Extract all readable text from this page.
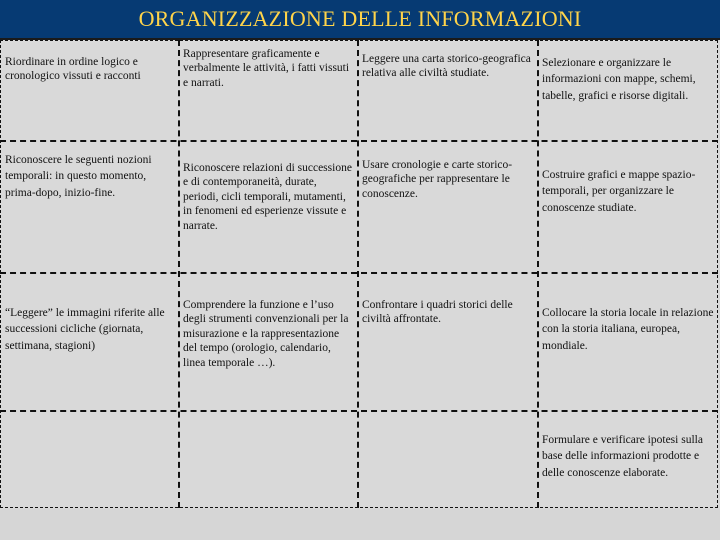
ORGANIZZAZIONE DELLE INFORMAZIONI
Riordinare in ordine logico e cronologico vissuti e racconti
Rappresentare graficamente e verbalmente le attività, i fatti vissuti e narrati.
Leggere una carta storico-geografica relativa alle civiltà studiate.
Selezionare e organizzare le informazioni con mappe, schemi, tabelle, grafici e risorse digitali.
Riconoscere le seguenti nozioni temporali: in questo momento, prima-dopo, inizio-fine.
Riconoscere relazioni di successione e di contemporaneità, durate, periodi, cicli temporali, mutamenti, in fenomeni ed esperienze vissute e narrate.
Usare cronologie e carte storico-geografiche per rappresentare le conoscenze.
Costruire grafici e mappe spazio-temporali, per organizzare le conoscenze studiate.
“Leggere” le immagini riferite alle successioni cicliche (giornata, settimana, stagioni)
Comprendere la funzione e l’uso degli strumenti convenzionali per la misurazione e la rappresentazione del tempo (orologio, calendario, linea temporale …).
Confrontare i quadri storici delle civiltà affrontate.
Collocare la storia locale in relazione con la storia italiana, europea, mondiale.
Formulare e verificare ipotesi sulla base delle informazioni prodotte e delle conoscenze elaborate.
